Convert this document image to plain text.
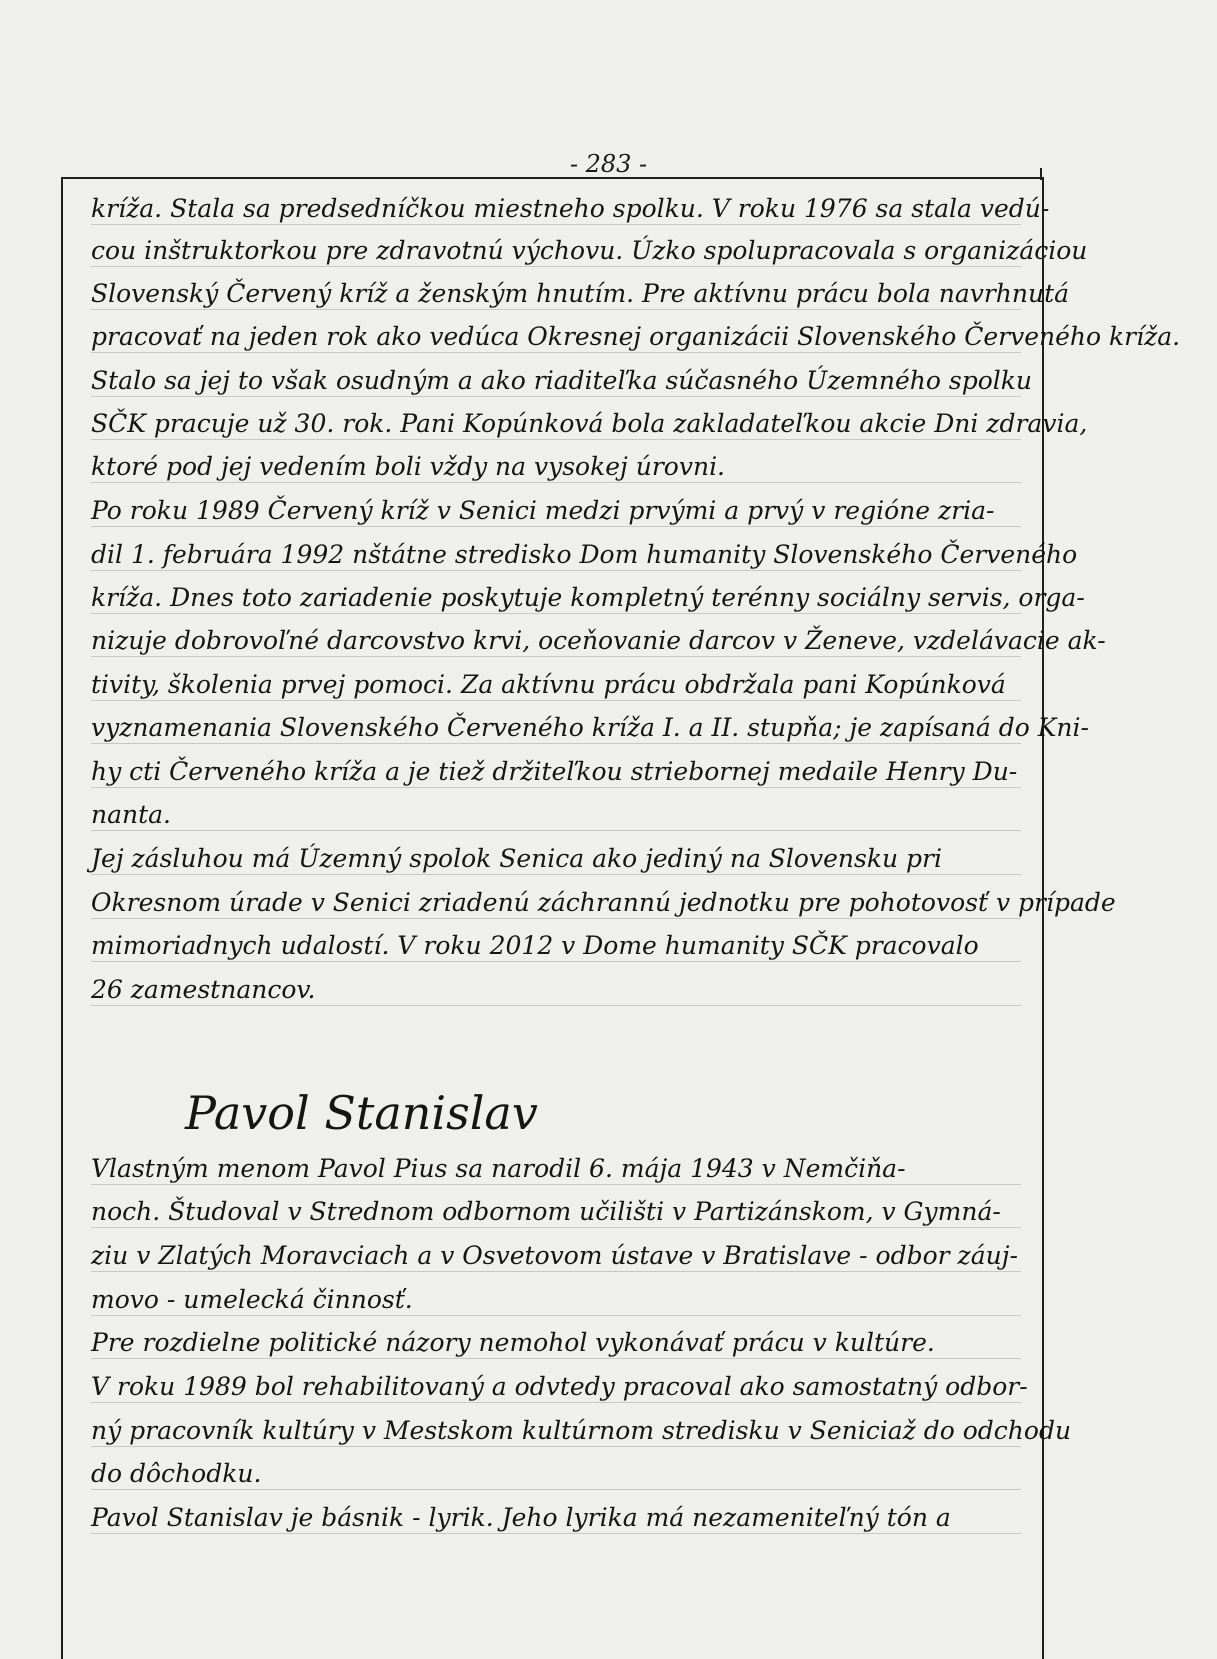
- 283 -
kríža. Stala sa predsedníčkou miestneho spolku. V roku 1976 sa stala vedú-
cou inštruktorkou pre zdravotnú výchovu. Úzko spolupracovala s organizáciou
Slovenský Červený kríž a ženským hnutím. Pre aktívnu prácu bola navrhnutá
pracovať na jeden rok ako vedúca Okresnej organizácii Slovenského Červeného kríža.
Stalo sa jej to však osudným a ako riaditeľka súčasného Územného spolku
SČK pracuje už 30. rok. Pani Kopúnková bola zakladateľkou akcie Dni zdravia,
ktoré pod jej vedením boli vždy na vysokej úrovni.
Po roku 1989 Červený kríž v Senici medzi prvými a prvý v regióne zria-
dil 1. februára 1992 nštátne stredisko Dom humanity Slovenského Červeného
kríža. Dnes toto zariadenie poskytuje kompletný terénny sociálny servis, orga-
nizuje dobrovoľné darcovstvo krvi, oceňovanie darcov v Ženeve, vzdelávacie ak-
tivity, školenia prvej pomoci. Za aktívnu prácu obdržala pani Kopúnková
vyznamenania Slovenského Červeného kríža I. a II. stupňa; je zapísaná do Kni-
hy cti Červeného kríža a je tiež držiteľkou striebornej medaile Henry Du-
nanta.
Jej zásluhou má Územný spolok Senica ako jediný na Slovensku pri
Okresnom úrade v Senici zriadenú záchrannú jednotku pre pohotovosť v prípade
mimoriadnych udalostí. V roku 2012 v Dome humanity SČK pracovalo
26 zamestnancov.
Pavol Stanislav
Vlastným menom Pavol Pius sa narodil 6. mája 1943 v Nemčiňa-
noch. Študoval v Strednom odbornom učilišti v Partizánskom, v Gymná-
ziu v Zlatých Moravciach a v Osvetovom ústave v Bratislave - odbor záuj-
movo - umelecká činnosť.
Pre rozdielne politické názory nemohol vykonávať prácu v kultúre.
V roku 1989 bol rehabilitovaný a odvtedy pracoval ako samostatný odbor-
ný pracovník kultúry v Mestskom kultúrnom stredisku v Seniciaž do odchodu
do dôchodku.
Pavol Stanislav je básnik - lyrik. Jeho lyrika má nezameniteľný tón a
